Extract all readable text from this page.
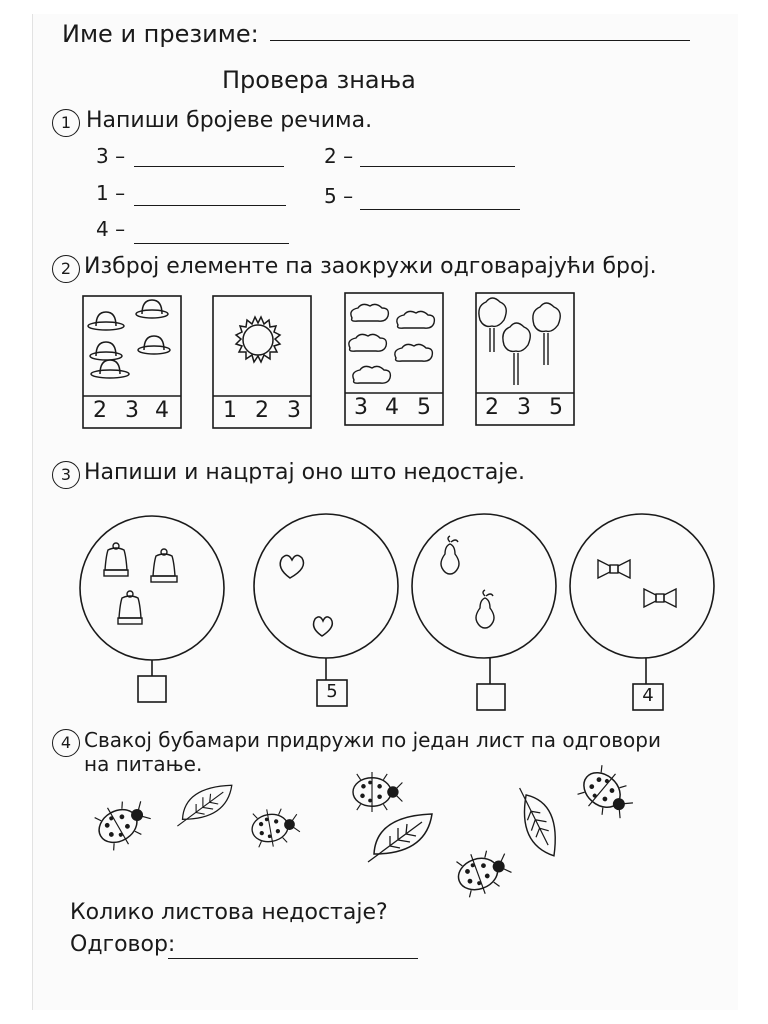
Име и презиме:
Провера знања
1 Напиши бројеве речима.
3 –	2 –
1 –	5 –
4 –
2 Изброј елементе па заокружи одговарајући број.
2 3 4	1 2 3	3 4 5	2 3 5
3 Напиши и нацртај оно што недостаје.
5	4
4 Свакој бубамари придружи по један лист па одговори
на питање.
Колико листова недостаје?
Одговор:
